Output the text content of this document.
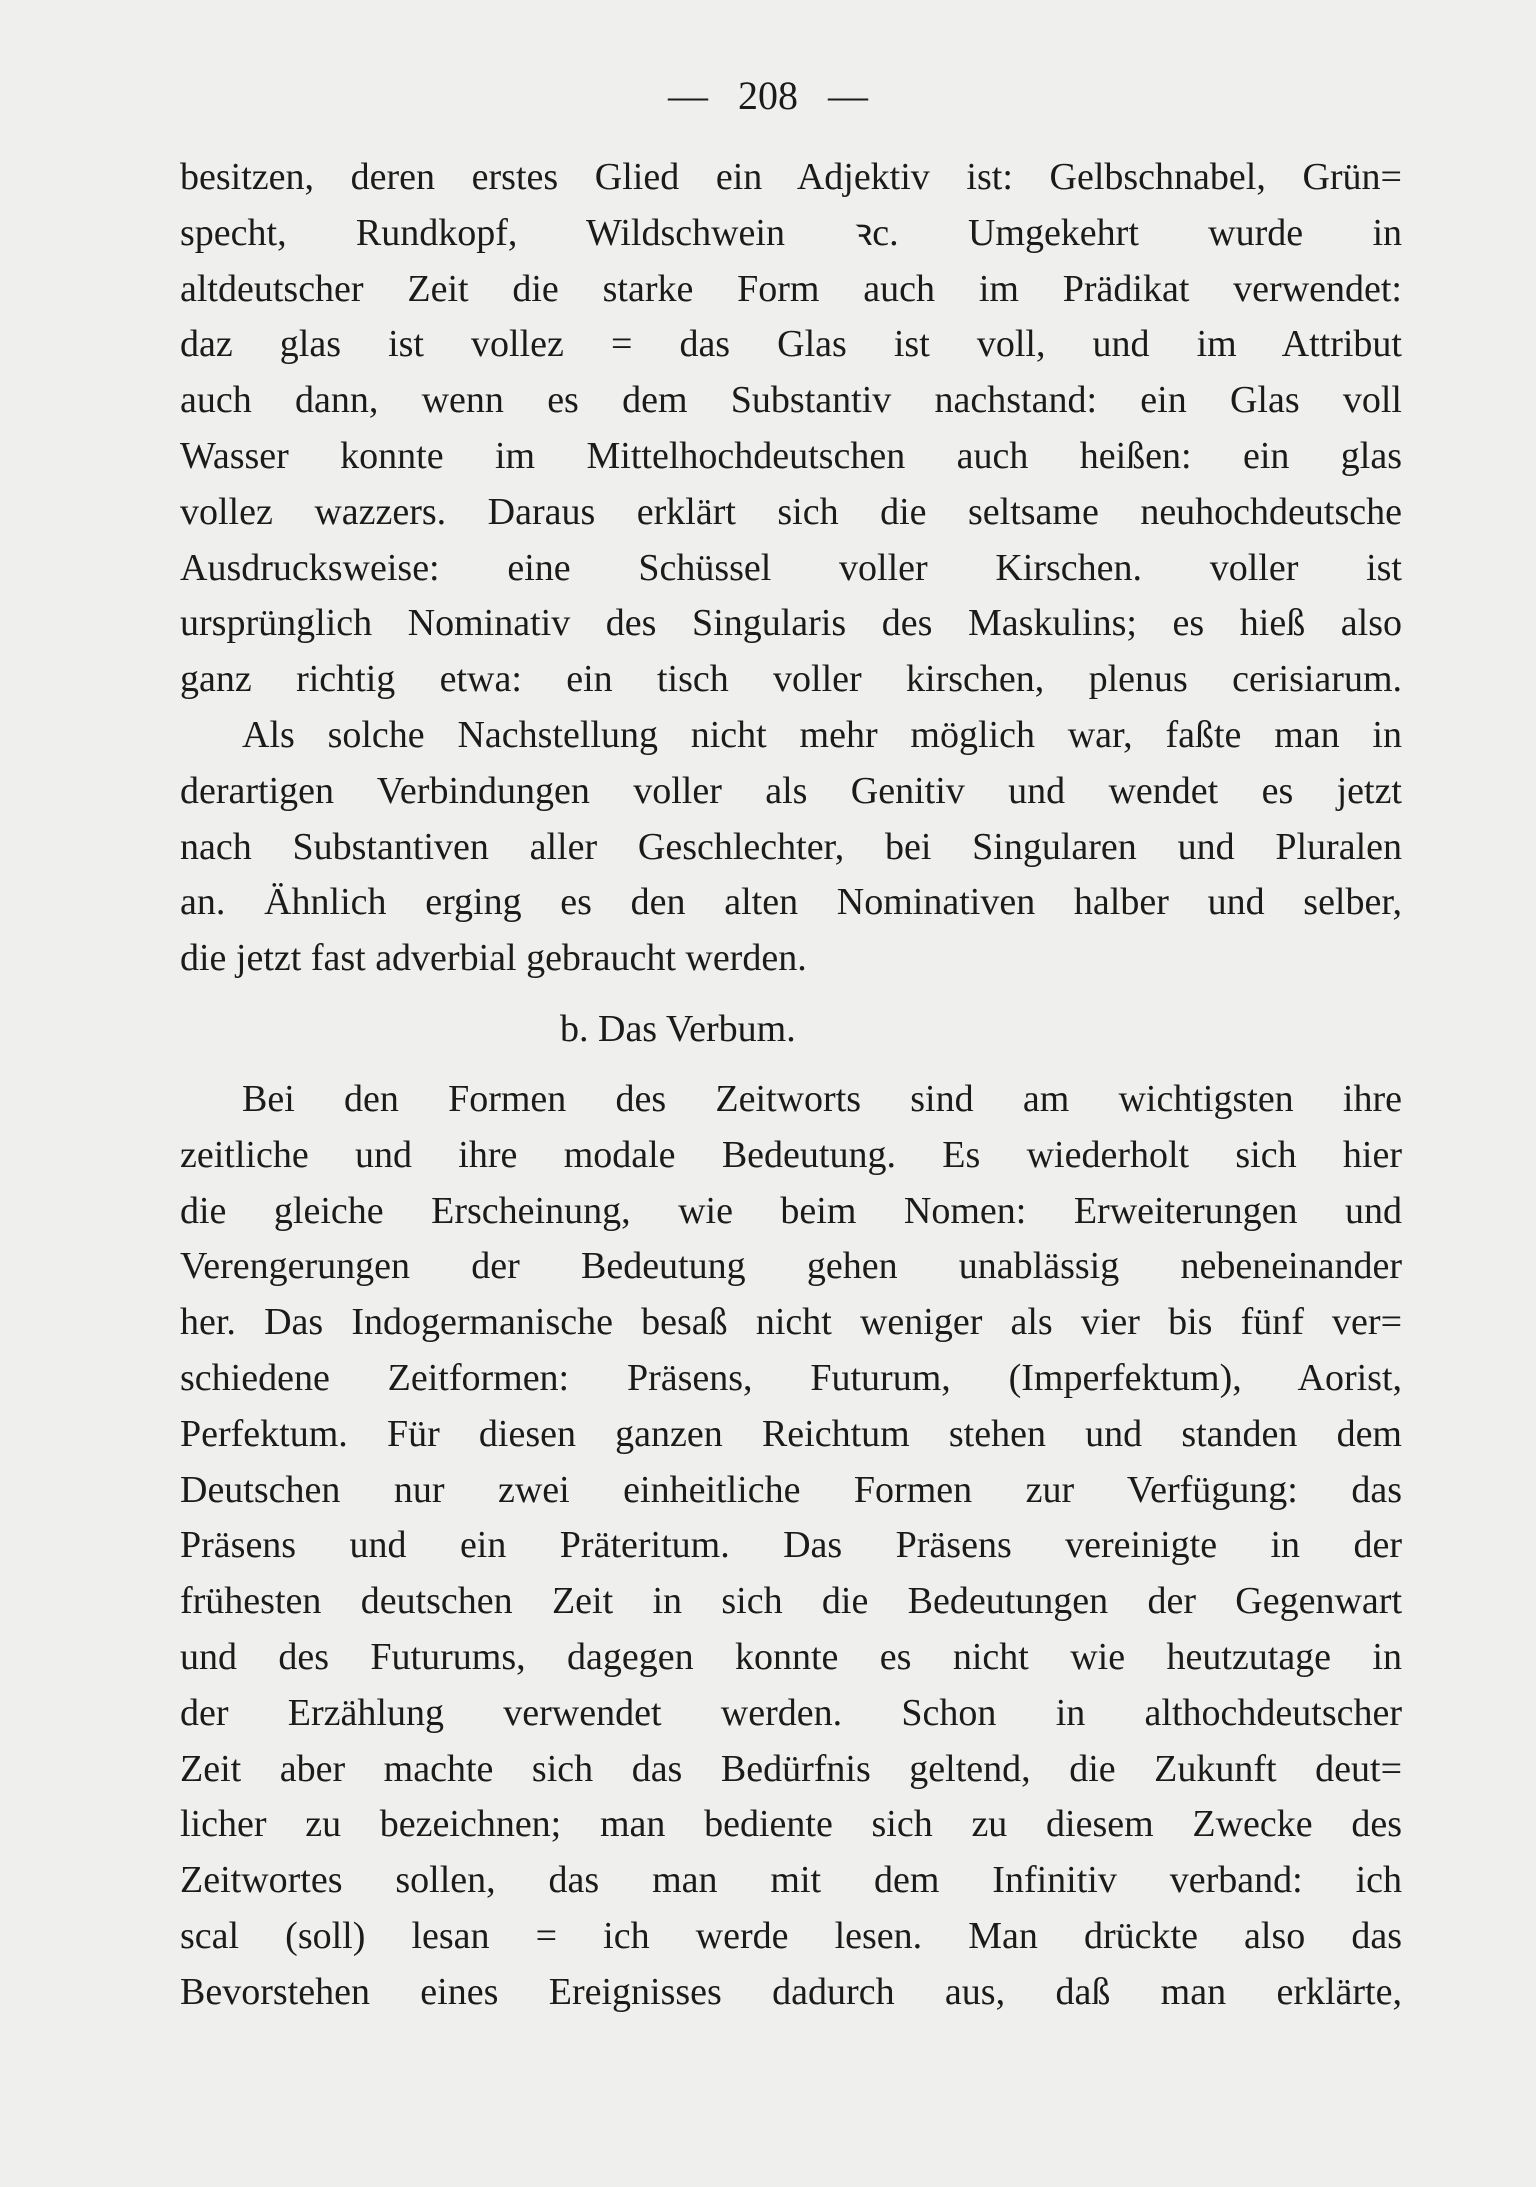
— 208 —
besitzen, deren erstes Glied ein Adjektiv ist: Gelbschnabel, Grün=
specht, Rundkopf, Wildschwein ꝛc. Umgekehrt wurde in
altdeutscher Zeit die starke Form auch im Prädikat verwendet:
daz glas ist vollez = das Glas ist voll, und im Attribut
auch dann, wenn es dem Substantiv nachstand: ein Glas voll
Wasser konnte im Mittelhochdeutschen auch heißen: ein glas
vollez wazzers. Daraus erklärt sich die seltsame neuhochdeutsche
Ausdrucksweise: eine Schüssel voller Kirschen. voller ist
ursprünglich Nominativ des Singularis des Maskulins; es hieß also
ganz richtig etwa: ein tisch voller kirschen, plenus cerisiarum.
Als solche Nachstellung nicht mehr möglich war, faßte man in
derartigen Verbindungen voller als Genitiv und wendet es jetzt
nach Substantiven aller Geschlechter, bei Singularen und Pluralen
an. Ähnlich erging es den alten Nominativen halber und selber,
die jetzt fast adverbial gebraucht werden.
b. Das Verbum.
Bei den Formen des Zeitworts sind am wichtigsten ihre
zeitliche und ihre modale Bedeutung. Es wiederholt sich hier
die gleiche Erscheinung, wie beim Nomen: Erweiterungen und
Verengerungen der Bedeutung gehen unablässig nebeneinander
her. Das Indogermanische besaß nicht weniger als vier bis fünf ver=
schiedene Zeitformen: Präsens, Futurum, (Imperfektum), Aorist,
Perfektum. Für diesen ganzen Reichtum stehen und standen dem
Deutschen nur zwei einheitliche Formen zur Verfügung: das
Präsens und ein Präteritum. Das Präsens vereinigte in der
frühesten deutschen Zeit in sich die Bedeutungen der Gegenwart
und des Futurums, dagegen konnte es nicht wie heutzutage in
der Erzählung verwendet werden. Schon in althochdeutscher
Zeit aber machte sich das Bedürfnis geltend, die Zukunft deut=
licher zu bezeichnen; man bediente sich zu diesem Zwecke des
Zeitwortes sollen, das man mit dem Infinitiv verband: ich
scal (soll) lesan = ich werde lesen. Man drückte also das
Bevorstehen eines Ereignisses dadurch aus, daß man erklärte,
